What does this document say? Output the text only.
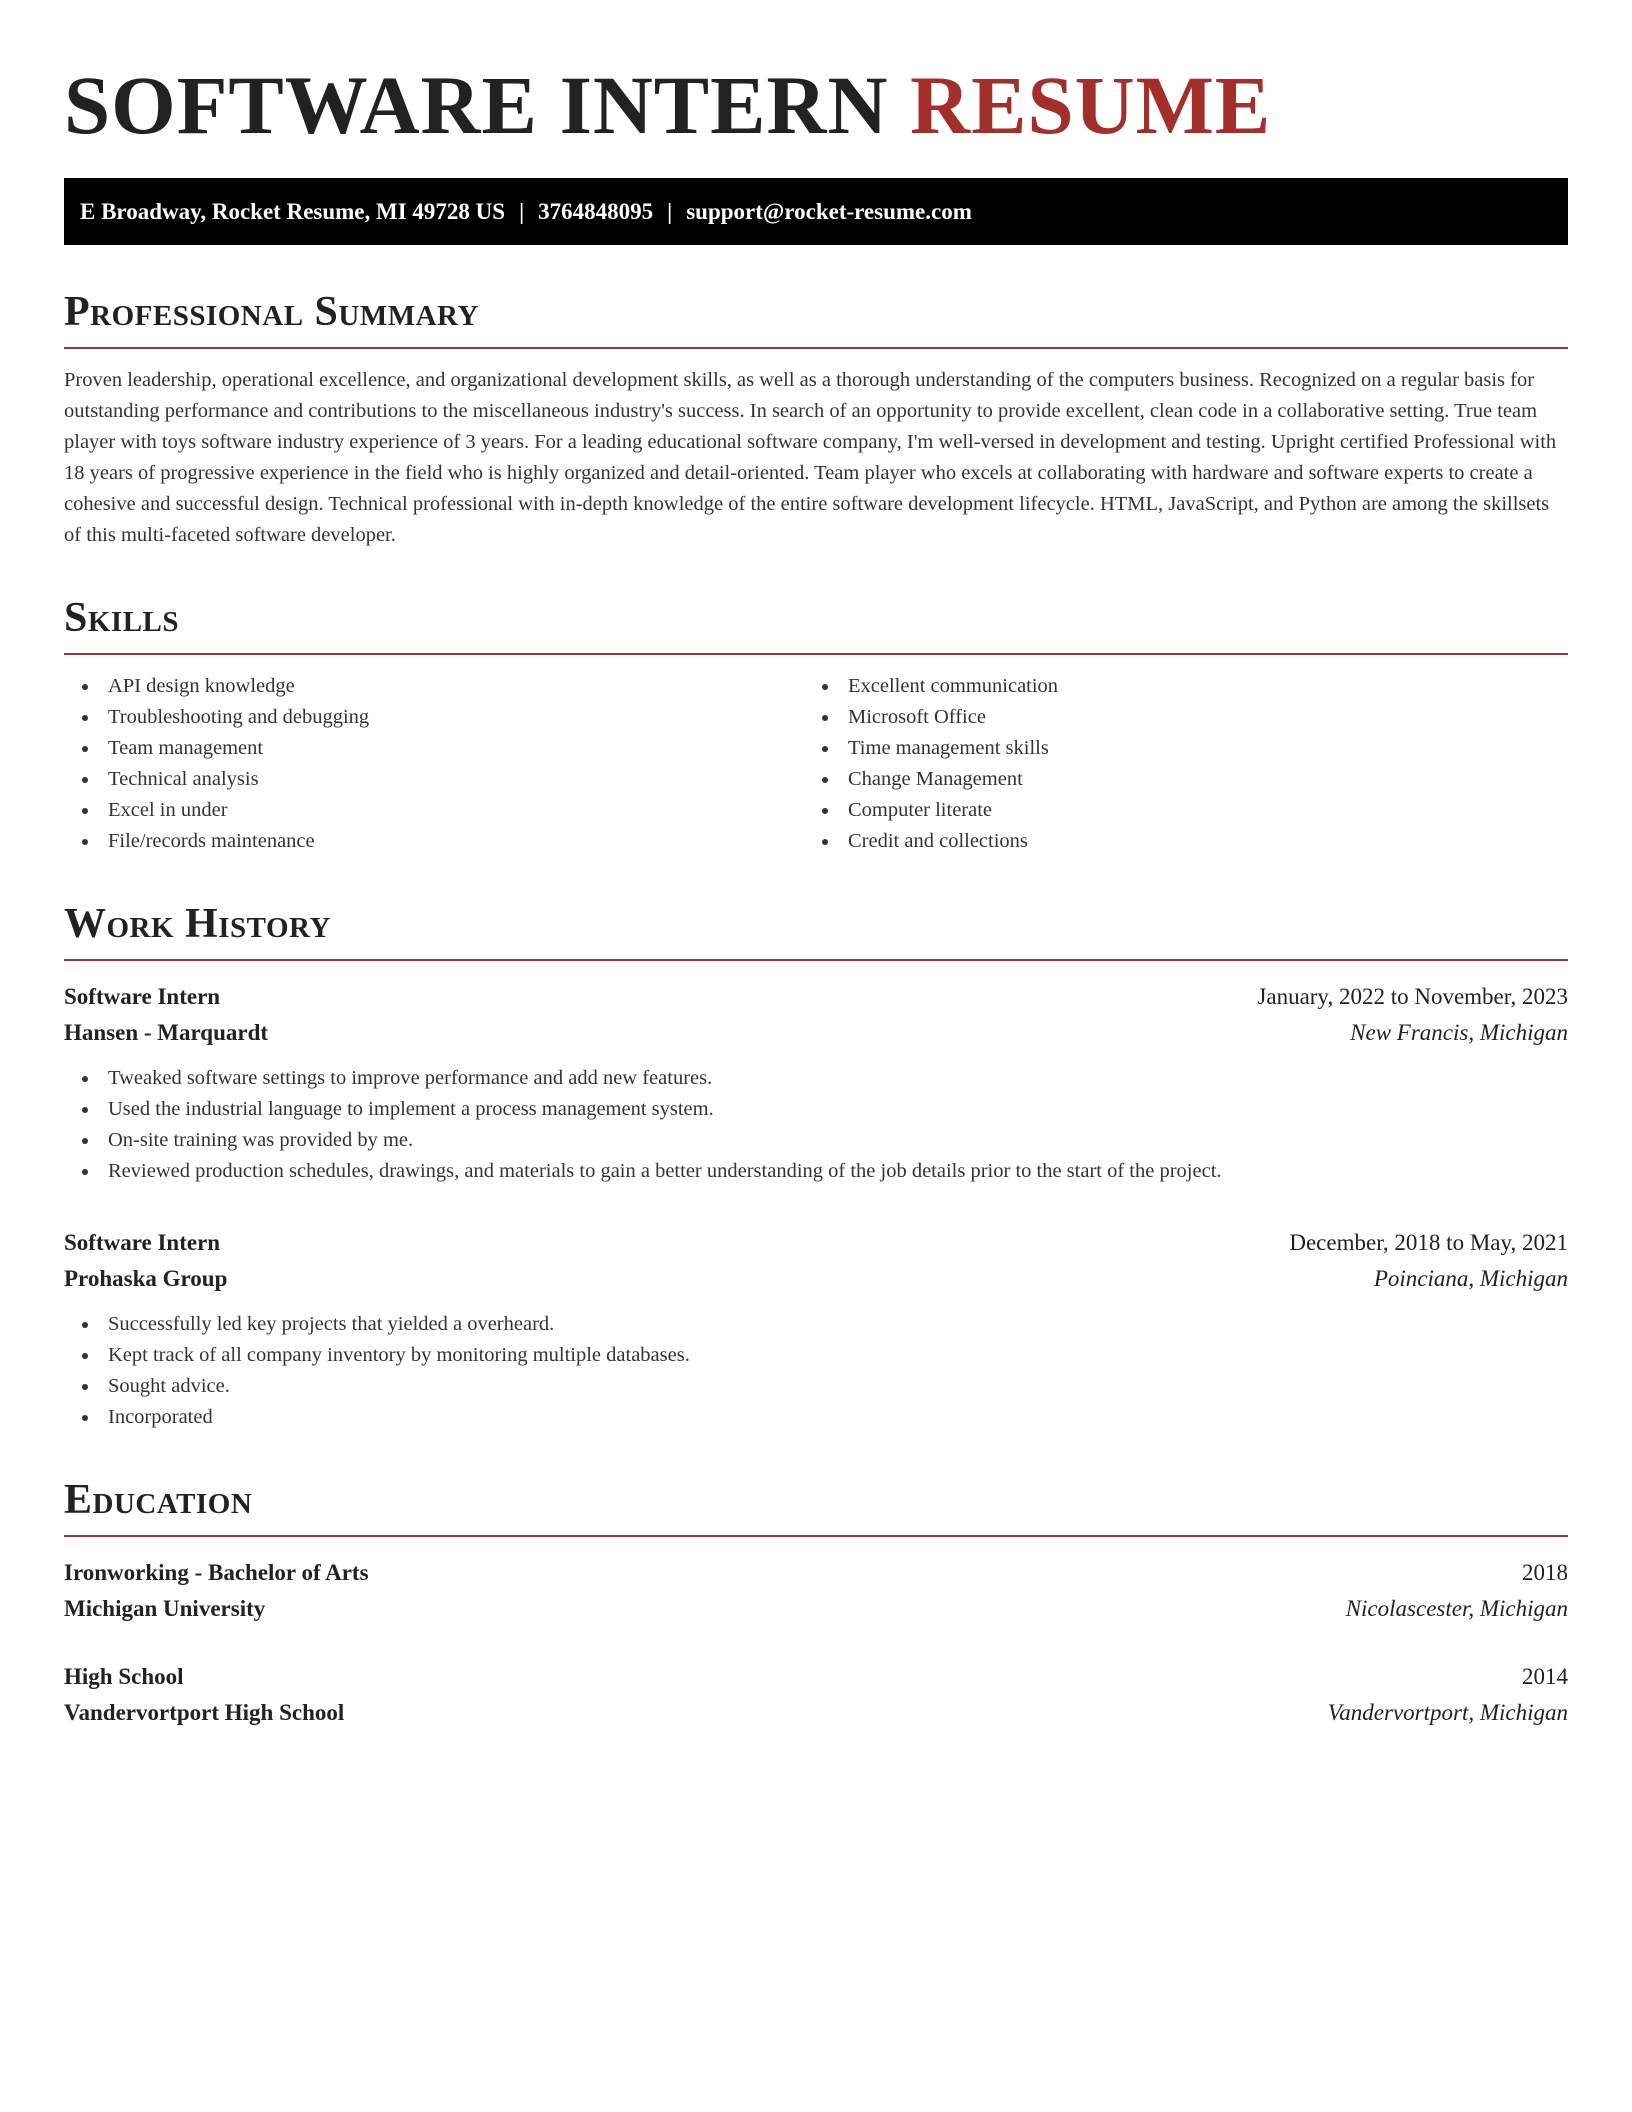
SOFTWARE INTERN RESUME
E Broadway, Rocket Resume, MI 49728 US | 3764848095 | support@rocket-resume.com
Professional Summary

Proven leadership, operational excellence, and organizational development skills, as well as a thorough understanding of the computers business. Recognized on a regular basis for outstanding performance and contributions to the miscellaneous industry's success. In search of an opportunity to provide excellent, clean code in a collaborative setting. True team player with toys software industry experience of 3 years. For a leading educational software company, I'm well-versed in development and testing. Upright certified Professional with 18 years of progressive experience in the field who is highly organized and detail-oriented. Team player who excels at collaborating with hardware and software experts to create a cohesive and successful design. Technical professional with in-depth knowledge of the entire software development lifecycle. HTML, JavaScript, and Python are among the skillsets of this multi-faceted software developer.

Skills
API design knowledge
Troubleshooting and debugging
Team management
Technical analysis
Excel in under
File/records maintenance
Excellent communication
Microsoft Office
Time management skills
Change Management
Computer literate
Credit and collections
Work History
Software Intern	January, 2022 to November, 2023
Hansen - Marquardt	New Francis, Michigan
Tweaked software settings to improve performance and add new features.
Used the industrial language to implement a process management system.
On-site training was provided by me.
Reviewed production schedules, drawings, and materials to gain a better understanding of the job details prior to the start of the project.
Software Intern	December, 2018 to May, 2021
Prohaska Group	Poinciana, Michigan
Successfully led key projects that yielded a overheard.
Kept track of all company inventory by monitoring multiple databases.
Sought advice.
Incorporated
Education
Ironworking - Bachelor of Arts	2018
Michigan University	Nicolascester, Michigan
High School	2014
Vandervortport High School	Vandervortport, Michigan
